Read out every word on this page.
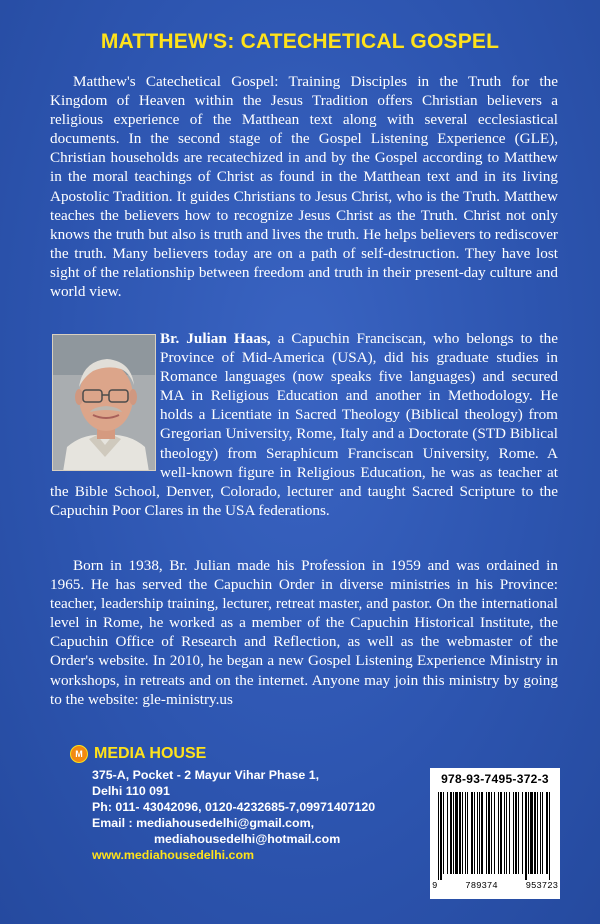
MATTHEW'S: CATECHETICAL GOSPEL

Matthew's Catechetical Gospel: Training Disciples in the Truth for the Kingdom of Heaven within the Jesus Tradition offers Christian believers a religious experience of the Matthean text along with several ecclesiastical documents. In the second stage of the Gospel Listening Experience (GLE), Christian households are recatechized in and by the Gospel according to Matthew in the moral teachings of Christ as found in the Matthean text and in its living Apostolic Tradition. It guides Christians to Jesus Christ, who is the Truth. Matthew teaches the believers how to recognize Jesus Christ as the Truth. Christ not only knows the truth but also is truth and lives the truth. He helps believers to rediscover the truth. Many believers today are on a path of self-destruction. They have lost sight of the relationship between freedom and truth in their present-day culture and world view.

Br. Julian Haas, a Capuchin Franciscan, who belongs to the Province of Mid-America (USA), did his graduate studies in Romance languages (now speaks five languages) and secured MA in Religious Education and another in Methodology. He holds a Licentiate in Sacred Theology (Biblical theology) from Gregorian University, Rome, Italy and a Doctorate (STD Biblical theology) from Seraphicum Franciscan University, Rome. A well-known figure in Religious Education, he was as teacher at the Bible School, Denver, Colorado, lecturer and taught Sacred Scripture to the Capuchin Poor Clares in the USA federations.

Born in 1938, Br. Julian made his Profession in 1959 and was ordained in 1965. He has served the Capuchin Order in diverse ministries in his Province: teacher, leadership training, lecturer, retreat master, and pastor. On the international level in Rome, he worked as a member of the Capuchin Historical Institute, the Capuchin Office of Research and Reflection, as well as the webmaster of the Order's website. In 2010, he began a new Gospel Listening Experience Ministry in workshops, in retreats and on the internet. Anyone may join this ministry by going to the website: gle-ministry.us

M MEDIA HOUSE
375-A, Pocket - 2 Mayur Vihar Phase 1,
Delhi 110 091
Ph: 011- 43042096, 0120-4232685-7,09971407120
Email : mediahousedelhi@gmail.com,
mediahousedelhi@hotmail.com
www.mediahousedelhi.com
978-93-7495-372-3
9	789374	953723
